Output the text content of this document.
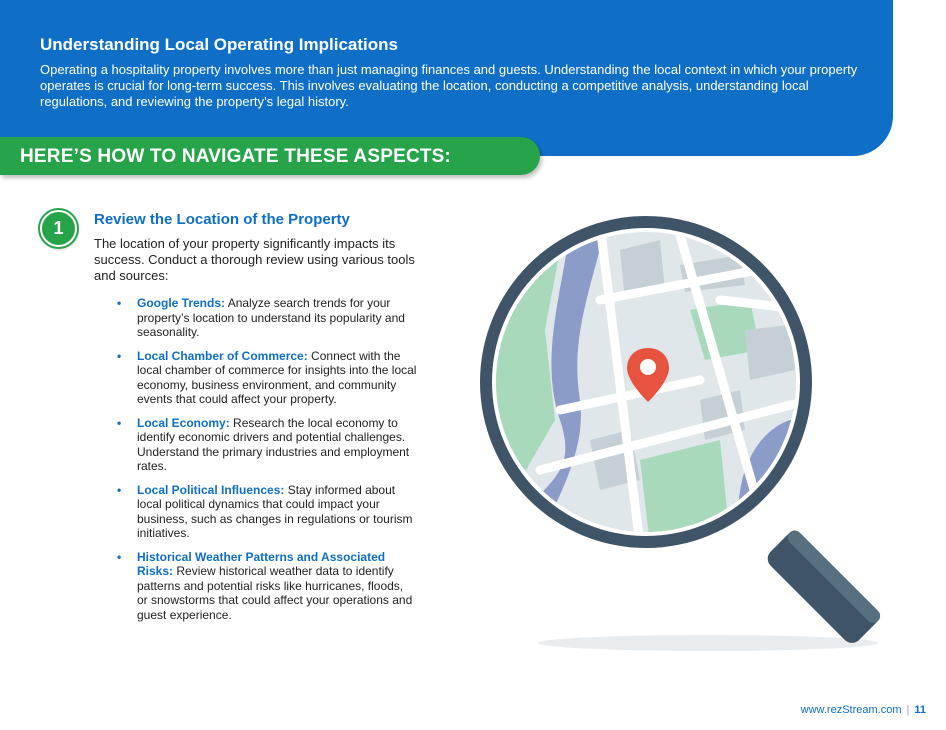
Understanding Local Operating Implications

Operating a hospitality property involves more than just managing finances and guests. Understanding the local context in which your property operates is crucial for long-term success. This involves evaluating the location, conducting a competitive analysis, understanding local regulations, and reviewing the property’s legal history.

HERE’S HOW TO NAVIGATE THESE ASPECTS:

1	Review the Location of the Property

The location of your property significantly impacts its success. Conduct a thorough review using various tools and sources:

• Google Trends: Analyze search trends for your property’s location to understand its popularity and seasonality.
• Local Chamber of Commerce: Connect with the local chamber of commerce for insights into the local economy, business environment, and community events that could affect your property.
• Local Economy: Research the local economy to identify economic drivers and potential challenges. Understand the primary industries and employment rates.
• Local Political Influences: Stay informed about local political dynamics that could impact your business, such as changes in regulations or tourism initiatives.
• Historical Weather Patterns and Associated Risks: Review historical weather data to identify patterns and potential risks like hurricanes, floods, or snowstorms that could affect your operations and guest experience.
www.rezStream.com | 11
